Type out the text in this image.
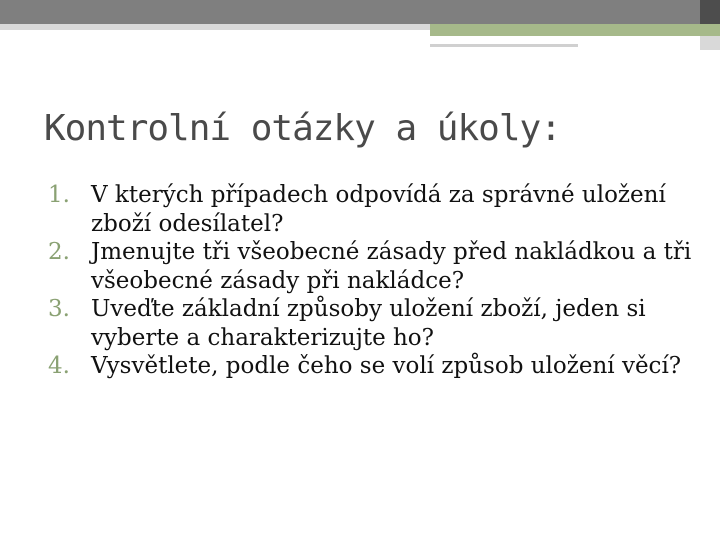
Kontrolní otázky a úkoly:
1. V kterých případech odpovídá za správné uložení zboží odesílatel?
2. Jmenujte tři všeobecné zásady před nakládkou a tři všeobecné zásady při nakládce?
3. Uveďte základní způsoby uložení zboží, jeden si vyberte a charakterizujte ho?
4. Vysvětlete, podle čeho se volí způsob uložení věcí?
